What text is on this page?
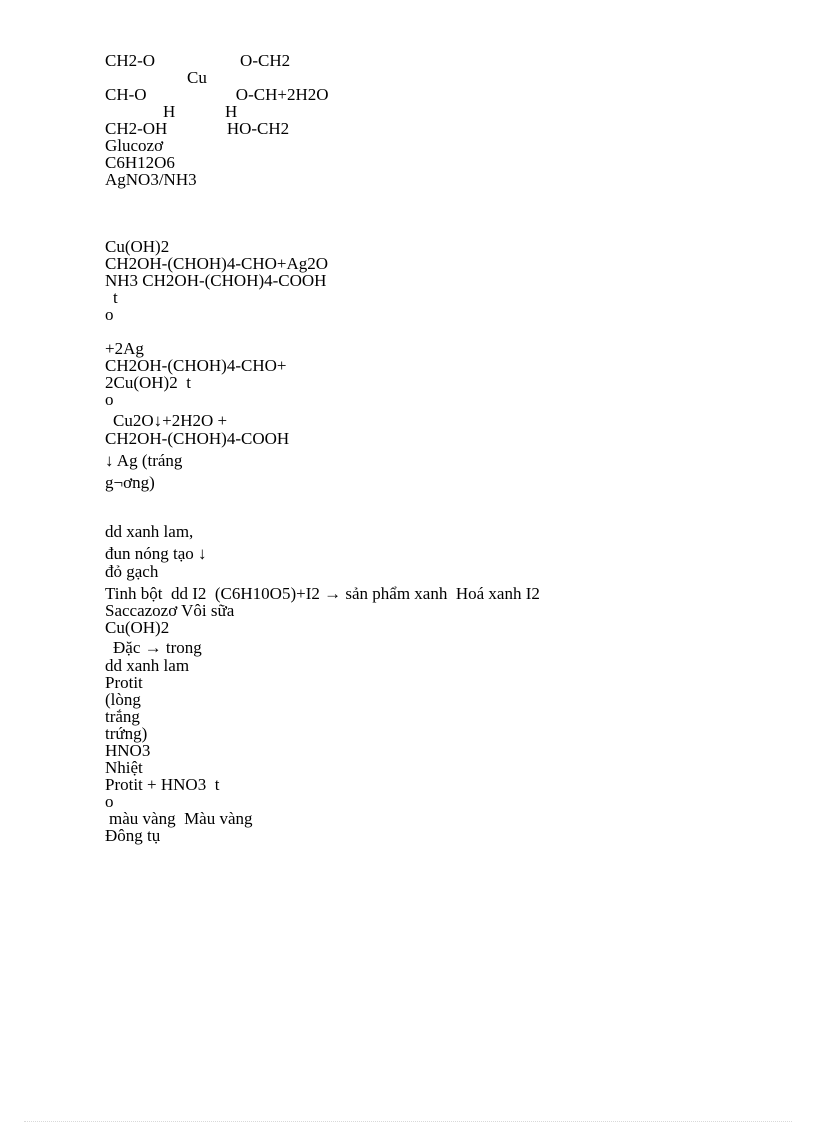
CH2-O                    O-CH2
Cu
CH-O                     O-CH+2H2O
H	H
CH2-OH              HO-CH2
Glucozơ
C6H12O6
AgNO3/NH3
Cu(OH)2
CH2OH-(CHOH)4-CHO+Ag2O
NH3 CH2OH-(CHOH)4-COOH
t
o
+2Ag
CH2OH-(CHOH)4-CHO+
2Cu(OH)2  t
o
Cu2O↓+2H2O +
CH2OH-(CHOH)4-COOH
↓ Ag (tráng
g¬ơng)
dd xanh lam,
đun nóng tạo ↓
đỏ gạch
Tinh bột  dd I2  (C6H10O5)+I2 → sản phẩm xanh  Hoá xanh I2
Saccazozơ Vôi sữa
Cu(OH)2
Đặc → trong
dd xanh lam
Protit
(lòng
trắng
trứng)
HNO3
Nhiệt
Protit + HNO3  t
o
màu vàng  Màu vàng
Đông tụ
